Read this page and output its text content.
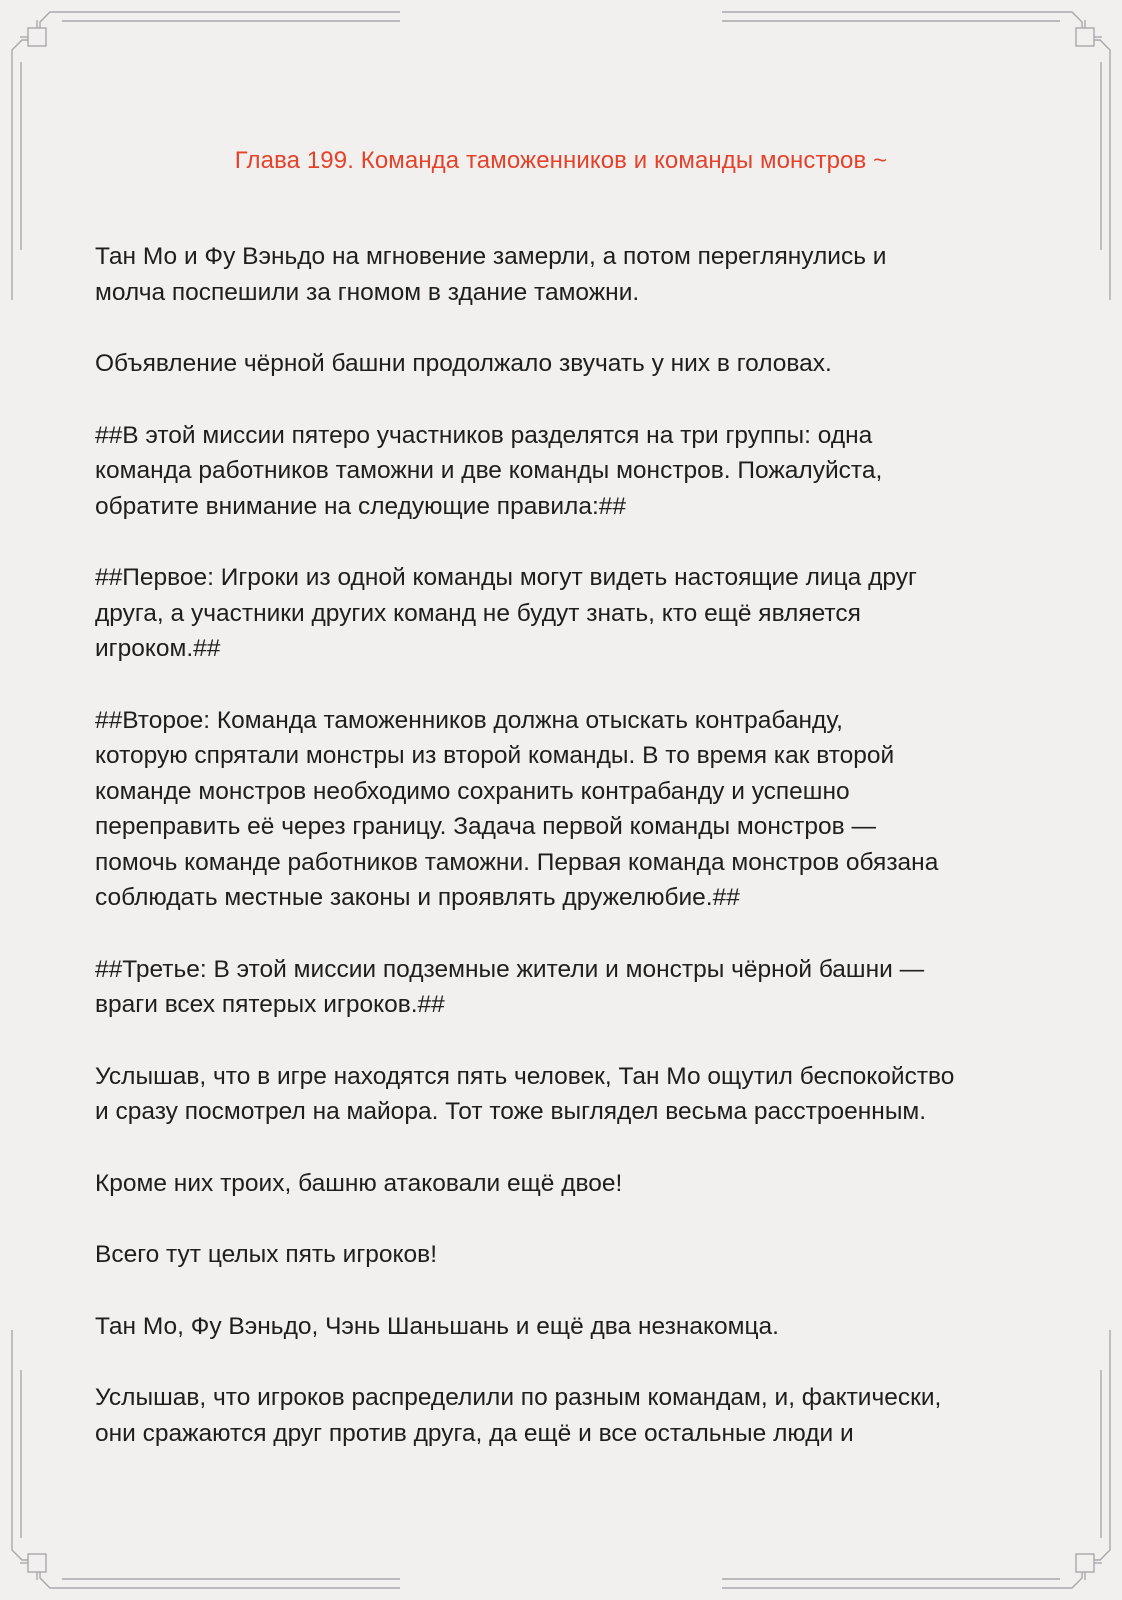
Глава 199. Команда таможенников и команды монстров ~

Тан Мо и Фу Вэньдо на мгновение замерли, а потом переглянулись и
молча поспешили за гномом в здание таможни.

Объявление чёрной башни продолжало звучать у них в головах.

##В этой миссии пятеро участников разделятся на три группы: одна
команда работников таможни и две команды монстров. Пожалуйста,
обратите внимание на следующие правила:##

##Первое: Игроки из одной команды могут видеть настоящие лица друг
друга, а участники других команд не будут знать, кто ещё является
игроком.##

##Второе: Команда таможенников должна отыскать контрабанду,
которую спрятали монстры из второй команды. В то время как второй
команде монстров необходимо сохранить контрабанду и успешно
переправить её через границу. Задача первой команды монстров —
помочь команде работников таможни. Первая команда монстров обязана
соблюдать местные законы и проявлять дружелюбие.##

##Третье: В этой миссии подземные жители и монстры чёрной башни —
враги всех пятерых игроков.##

Услышав, что в игре находятся пять человек, Тан Мо ощутил беспокойство
и сразу посмотрел на майора. Тот тоже выглядел весьма расстроенным.

Кроме них троих, башню атаковали ещё двое!

Всего тут целых пять игроков!

Тан Мо, Фу Вэньдо, Чэнь Шаньшань и ещё два незнакомца.

Услышав, что игроков распределили по разным командам, и, фактически,
они сражаются друг против друга, да ещё и все остальные люди и
